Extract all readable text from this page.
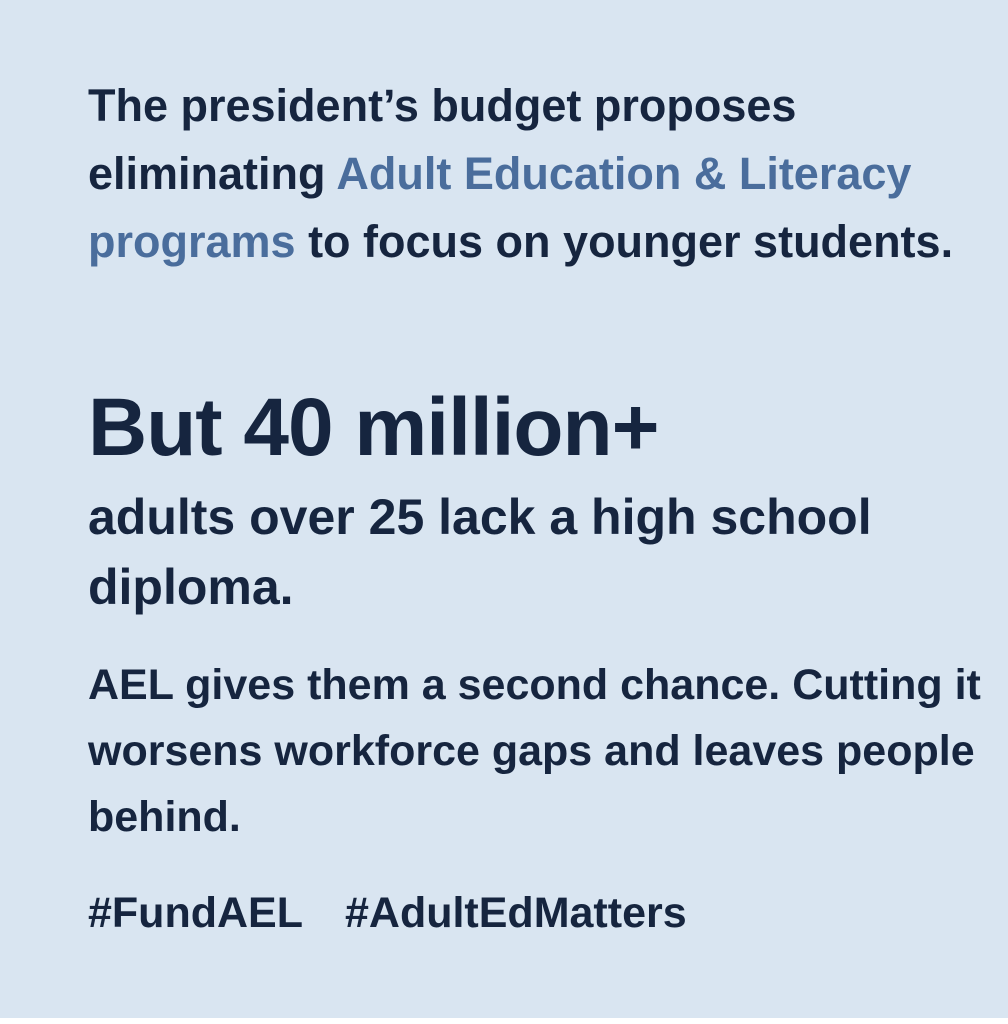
The president’s budget proposes eliminating Adult Education & Literacy programs to focus on younger students.

But 40 million+

adults over 25 lack a high school diploma.

AEL gives them a second chance. Cutting it worsens workforce gaps and leaves people behind.

#FundAEL #AdultEdMatters
